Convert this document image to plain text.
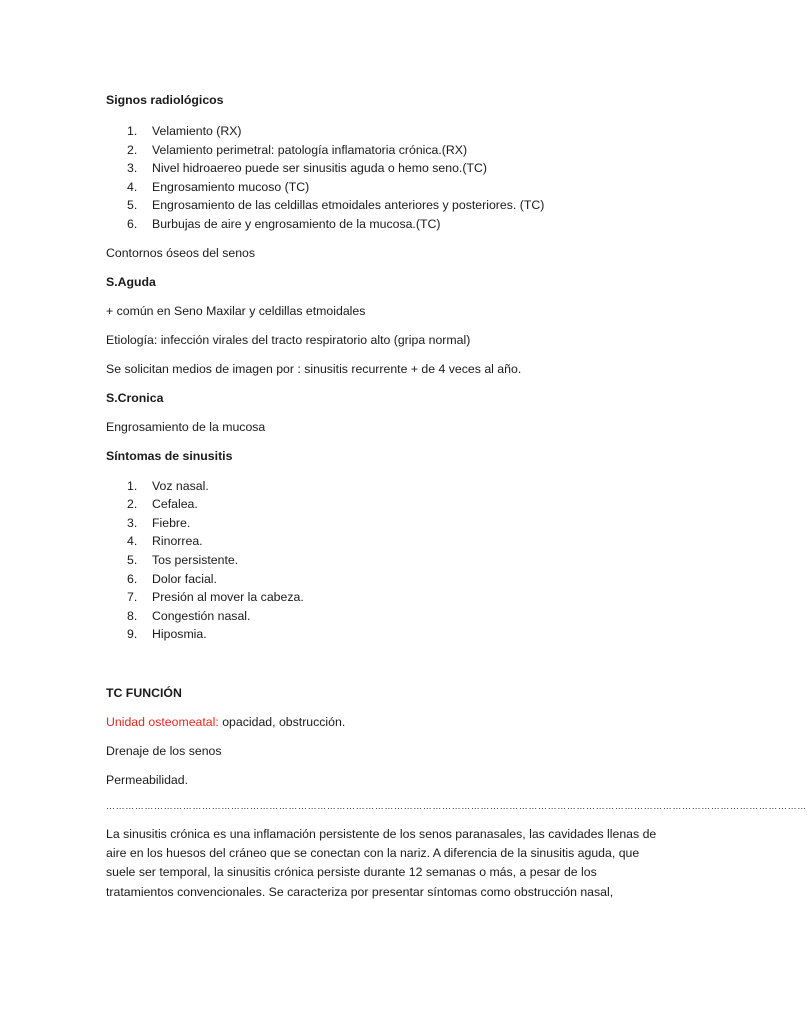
Signos radiológicos

1. Velamiento (RX)
2. Velamiento perimetral: patología inflamatoria crónica.(RX)
3. Nivel hidroaereo puede ser sinusitis aguda o hemo seno.(TC)
4. Engrosamiento mucoso (TC)
5. Engrosamiento de las celdillas etmoidales anteriores y posteriores. (TC)
6. Burbujas de aire y engrosamiento de la mucosa.(TC)

Contornos óseos del senos

S.Aguda

+ común en Seno Maxilar y celdillas etmoidales

Etiología: infección virales del tracto respiratorio alto (gripa normal)

Se solicitan medios de imagen por : sinusitis recurrente + de 4 veces al año.

S.Cronica

Engrosamiento de la mucosa

Síntomas de sinusitis

1. Voz nasal.
2. Cefalea.
3. Fiebre.
4. Rinorrea.
5. Tos persistente.
6. Dolor facial.
7. Presión al mover la cabeza.
8. Congestión nasal.
9. Hiposmia.

TC FUNCIÓN

Unidad osteomeatal: opacidad, obstrucción.

Drenaje de los senos

Permeabilidad.

…………………………………………………………………………………………………………………………………………………………………………………………………

La sinusitis crónica es una inflamación persistente de los senos paranasales, las cavidades llenas de aire en los huesos del cráneo que se conectan con la nariz. A diferencia de la sinusitis aguda, que suele ser temporal, la sinusitis crónica persiste durante 12 semanas o más, a pesar de los tratamientos convencionales. Se caracteriza por presentar síntomas como obstrucción nasal,
